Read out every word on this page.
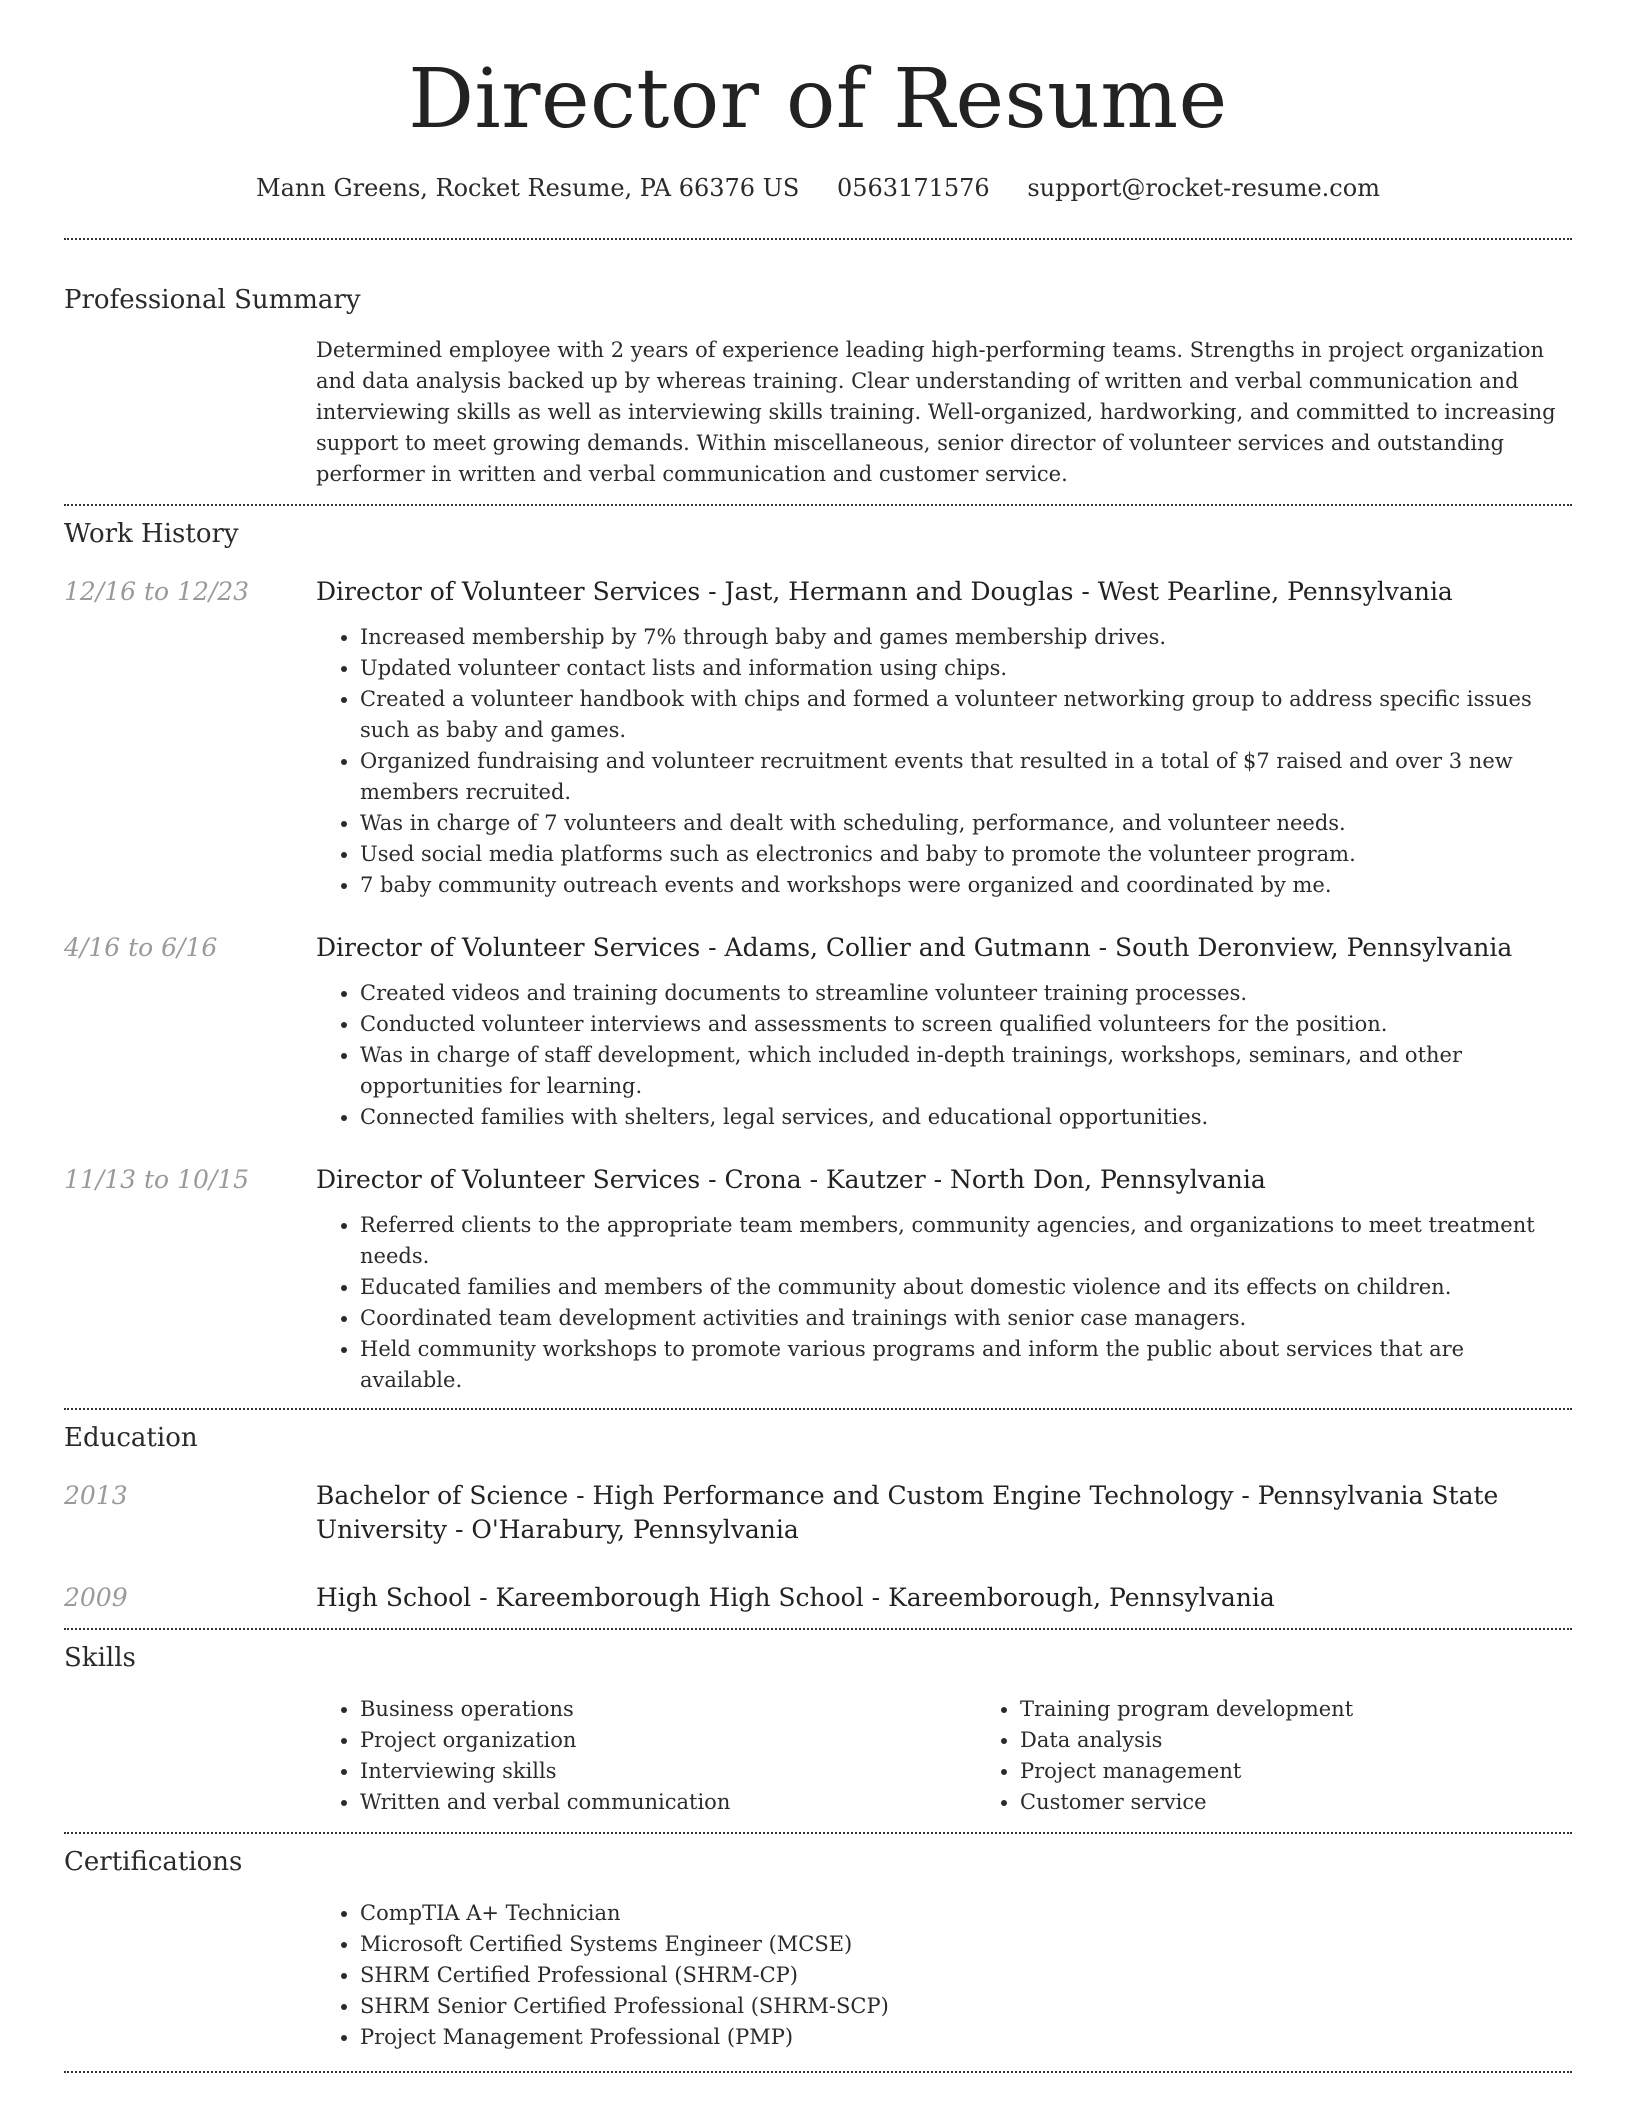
Director of Resume
Mann Greens, Rocket Resume, PA 66376 US 0563171576 support@rocket-resume.com
Professional Summary

Determined employee with 2 years of experience leading high-performing teams. Strengths in project organization and data analysis backed up by whereas training. Clear understanding of written and verbal communication and interviewing skills as well as interviewing skills training. Well-organized, hardworking, and committed to increasing support to meet growing demands. Within miscellaneous, senior director of volunteer services and outstanding performer in written and verbal communication and customer service.

Work History
12/16 to 12/23	Director of Volunteer Services - Jast, Hermann and Douglas - West Pearline, Pennsylvania
• Increased membership by 7% through baby and games membership drives.
• Updated volunteer contact lists and information using chips.
• Created a volunteer handbook with chips and formed a volunteer networking group to address specific issues such as baby and games.
• Organized fundraising and volunteer recruitment events that resulted in a total of $7 raised and over 3 new members recruited.
• Was in charge of 7 volunteers and dealt with scheduling, performance, and volunteer needs.
• Used social media platforms such as electronics and baby to promote the volunteer program.
• 7 baby community outreach events and workshops were organized and coordinated by me.
4/16 to 6/16	Director of Volunteer Services - Adams, Collier and Gutmann - South Deronview, Pennsylvania
• Created videos and training documents to streamline volunteer training processes.
• Conducted volunteer interviews and assessments to screen qualified volunteers for the position.
• Was in charge of staff development, which included in-depth trainings, workshops, seminars, and other opportunities for learning.
• Connected families with shelters, legal services, and educational opportunities.
11/13 to 10/15	Director of Volunteer Services - Crona - Kautzer - North Don, Pennsylvania
• Referred clients to the appropriate team members, community agencies, and organizations to meet treatment needs.
• Educated families and members of the community about domestic violence and its effects on children.
• Coordinated team development activities and trainings with senior case managers.
• Held community workshops to promote various programs and inform the public about services that are available.
Education
2013	Bachelor of Science - High Performance and Custom Engine Technology - Pennsylvania State University - O'Harabury, Pennsylvania
2009	High School - Kareemborough High School - Kareemborough, Pennsylvania
Skills
• Business operations
• Project organization
• Interviewing skills
• Written and verbal communication
• Training program development
• Data analysis
• Project management
• Customer service
Certifications
• CompTIA A+ Technician
• Microsoft Certified Systems Engineer (MCSE)
• SHRM Certified Professional (SHRM-CP)
• SHRM Senior Certified Professional (SHRM-SCP)
• Project Management Professional (PMP)
